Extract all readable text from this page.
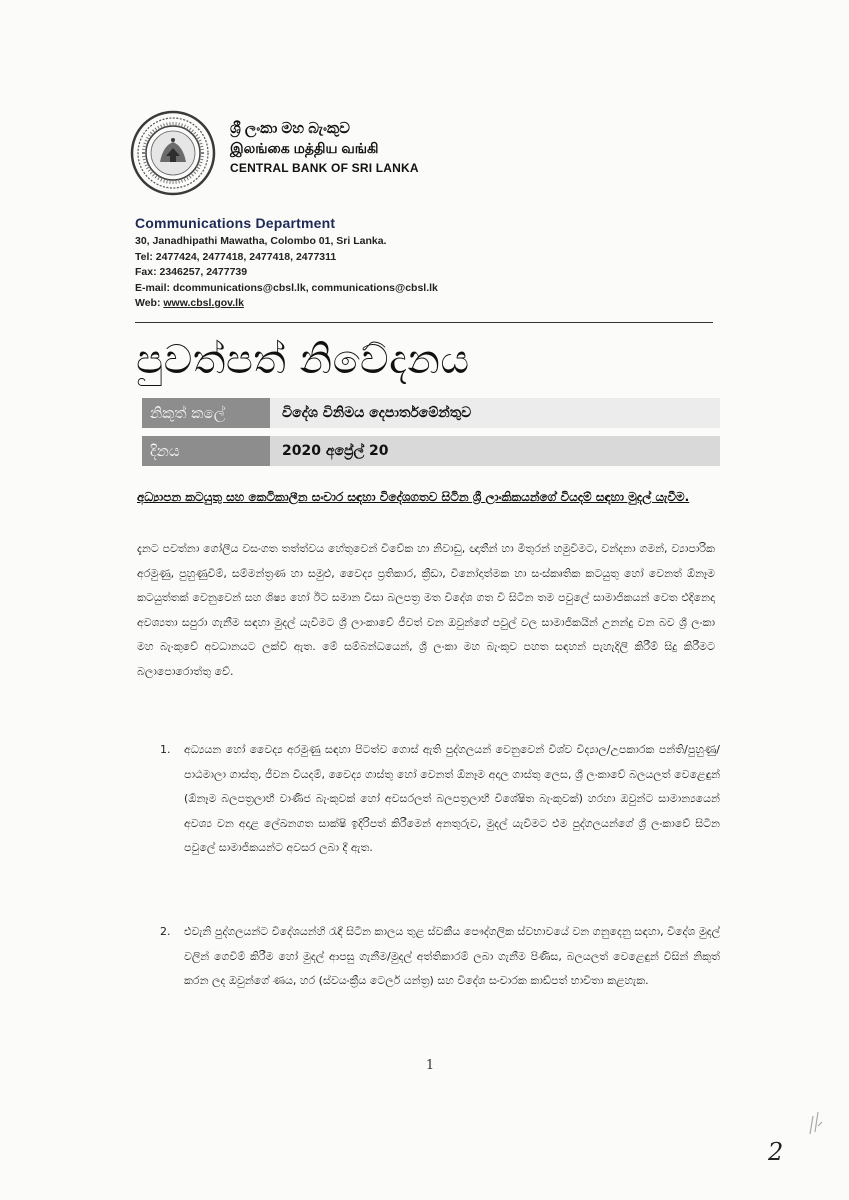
ශ්‍රී ලංකා මහ බැංකුව
இலங்கை மத்திய வங்கி
CENTRAL BANK OF SRI LANKA
Communications Department
30, Janadhipathi Mawatha, Colombo 01, Sri Lanka.
Tel: 2477424, 2477418, 2477418, 2477311
Fax: 2346257, 2477739
E-mail: dcommunications@cbsl.lk, communications@cbsl.lk
Web: www.cbsl.gov.lk
පුවත්පත් නිවේදනය
නිකුත් කලේ	විදේශ විනිමය දෙපාර්තමේන්තුව
දිනය	2020 අප්‍රේල් 20
අධ්‍යාපන කටයුතු සහ කෙටිකාලීන සංචාර සඳහා විදේශගතව සිටින ශ්‍රී ලාංකිකයන්ගේ වියදම් සඳහා මුදල් යැවීම.
දැනට පවත්නා ගෝලීය වසංගත තත්ත්වය හේතුවෙන් විවේක හා නිවාඩු, ඥාතීන් හා මිතුරන් හමුවීමට, වන්දනා ගමන්, ව්‍යාපාරික අරමුණු, පුහුණුවීම්, සම්මන්ත්‍රණ හා සමුළු, වෛද්‍ය ප්‍රතිකාර, ක්‍රීඩා, විනෝදාත්මක හා සංස්කෘතික කටයුතු හෝ වෙනත් ඕනෑම කටයුත්තක් වෙනුවෙන් සහ ශිෂ්‍ය හෝ ඊට සමාන වීසා බලපත්‍ර මත විදේශ ගත වී සිටින තම පවුලේ සාමාජිකයන් වෙත එදිනෙදා අවශ්‍යතා සපුරා ගැනීම සඳහා මුදල් යැවීමට ශ්‍රී ලාංකාවේ ජීවත් වන ඔවුන්ගේ පවුල් වල සාමාජිකයින් උනන්දු වන බව ශ්‍රී ලංකා මහ බැංකුවේ අවධානයට ලක්වී ඇත. මේ සම්බන්ධයෙන්, ශ්‍රී ලංකා මහ බැංකුව පහත සඳහන් පැහැදිලි කිරීම් සිදු කිරීමට බලාපොරොත්තු වේ.
1.	අධ්‍යයන හෝ වෛද්‍ය අරමුණු සඳහා පිටත්ව ගොස් ඇති පුද්ගලයන් වෙනුවෙන් විශ්ව විද්‍යාල/උපකාරක පන්ති/පුහුණු/පාඨමාලා ගාස්තු, ජීවන වියදම්, වෛද්‍ය ගාස්තු හෝ වෙනත් ඕනෑම අදාල ගාස්තු ලෙස, ශ්‍රී ලංකාවේ බලයලත් වෙළෙඳුන් (ඕනෑම බලපත්‍රලාභී වාණිජ බැංකුවක් හෝ අවසරලත් බලපත්‍රලාභී විශේෂිත බැංකුවක්) හරහා ඔවුන්ට සාමාන්‍යයෙන් අවශ්‍ය වන අදාළ ලේඛනගත සාක්ෂි ඉදිරිපත් කිරීමෙන් අනතුරුව, මුදල් යැවීමට එම පුද්ගලයන්ගේ ශ්‍රී ලංකාවේ සිටින පවුලේ සාමාජිකයන්ට අවසර ලබා දී ඇත.
2.	එවැනි පුද්ගලයන්ට විදේශයන්හි රැඳී සිටින කාලය තුළ ස්වකීය පෞද්ගලික ස්වභාවයේ වන ගනුදෙනු සඳහා, විදේශ මුදල් වලින් ගෙවීම් කිරීම හෝ මුදල් ආපසු ගැනීම/මුදල් අත්තිකාරම් ලබා ගැනීම පිණිස, බලයලත් වෙළෙඳුන් විසින් නිකුත් කරන ලද ඔවුන්ගේ ණය, හර (ස්වයංක්‍රීය ටෙලර් යන්ත්‍ර) සහ විදේශ සංචාරක කාඩ්පත් භාවිතා කළහැක.
1
2
